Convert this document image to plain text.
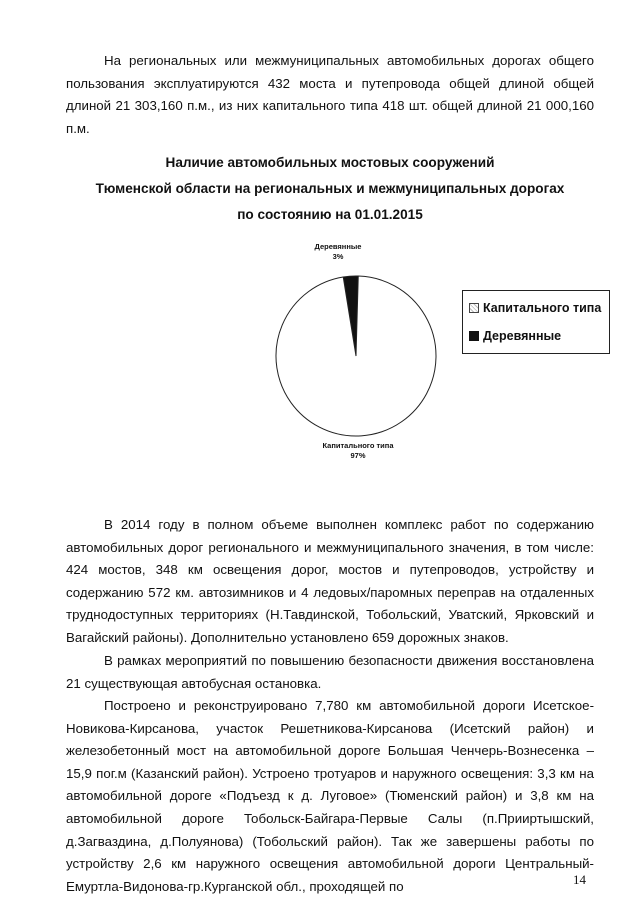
На региональных или межмуниципальных автомобильных дорогах общего пользования эксплуатируются 432 моста и путепровода общей длиной общей длиной 21 303,160 п.м., из них капитального типа 418 шт. общей длиной 21 000,160 п.м.
Наличие автомобильных мостовых сооружений
Тюменской области на региональных и межмуниципальных дорогах
по состоянию на 01.01.2015
Деревянные
3%
Капитального типа
97%
Капитального типа
Деревянные

В 2014 году в полном объеме выполнен комплекс работ по содержанию автомобильных дорог регионального и межмуниципального значения, в том числе: 424 мостов, 348 км освещения дорог, мостов и путепроводов, устройству и содержанию 572 км. автозимников и 4 ледовых/паромных переправ на отдаленных труднодоступных территориях (Н.Тавдинской, Тобольский, Уватский, Ярковский и Вагайский районы). Дополнительно установлено 659 дорожных знаков.

В рамках мероприятий по повышению безопасности движения восстановлена 21 существующая автобусная остановка.

Построено и реконструировано 7,780 км автомобильной дороги Исетское-Новикова-Кирсанова, участок Решетникова-Кирсанова (Исетский район) и железобетонный мост на автомобильной дороге Большая Ченчерь-Вознесенка – 15,9 пог.м (Казанский район). Устроено тротуаров и наружного освещения: 3,3 км на автомобильной дороге «Подъезд к д. Луговое» (Тюменский район) и 3,8 км на автомобильной дороге Тобольск-Байгара-Первые Салы (п.Прииртышский, д.Загваздина, д.Полуянова) (Тобольский район). Так же завершены работы по устройству 2,6 км наружного освещения автомобильной дороги Центральный-Емуртла-Видонова-гр.Курганской обл., проходящей по	14
